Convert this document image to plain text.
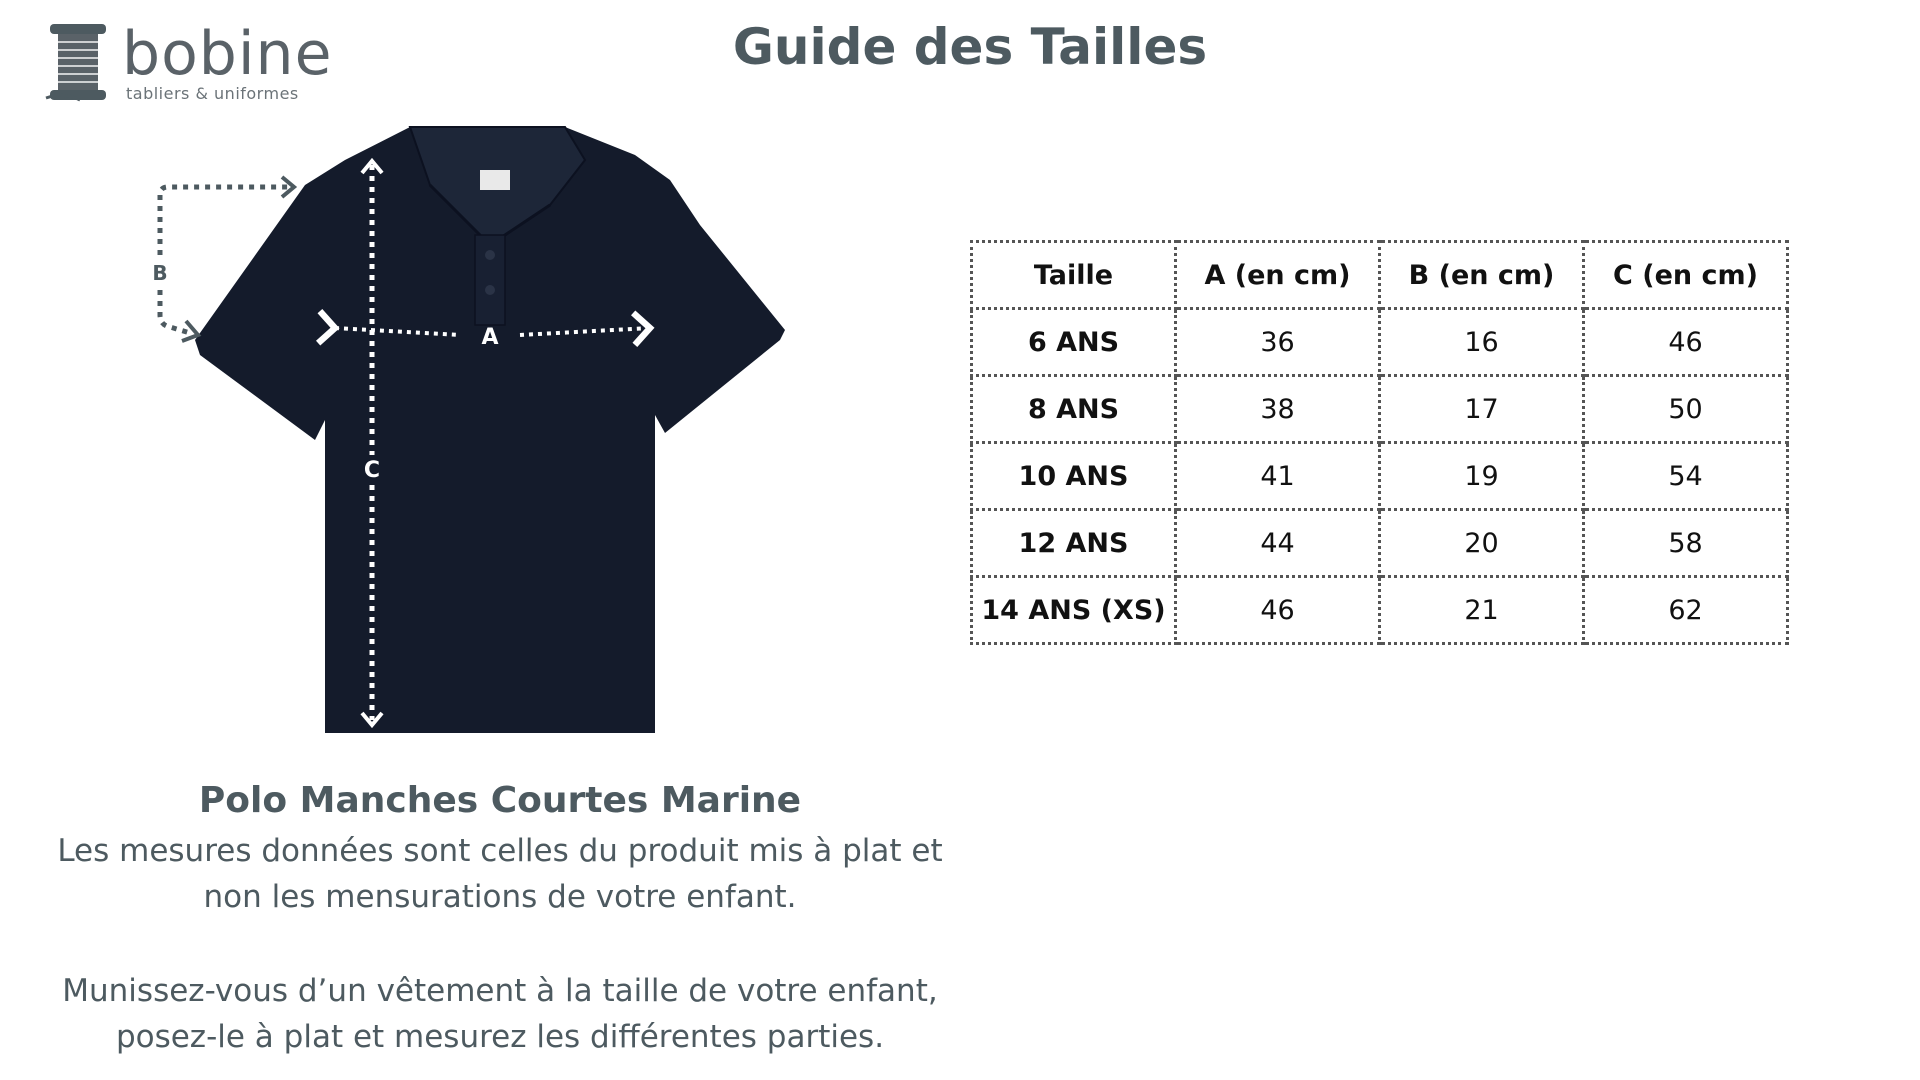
bobine
tabliers & uniformes
Guide des Tailles
A
C
B
Polo Manches Courtes Marine
Les mesures données sont celles du produit mis à plat et
non les mensurations de votre enfant.
Munissez-vous d’un vêtement à la taille de votre enfant,
posez-le à plat et mesurez les différentes parties.
Taille	A (en cm)	B (en cm)	C (en cm)
6 ANS	36	16	46
8 ANS	38	17	50
10 ANS	41	19	54
12 ANS	44	20	58
14 ANS (XS)	46	21	62
